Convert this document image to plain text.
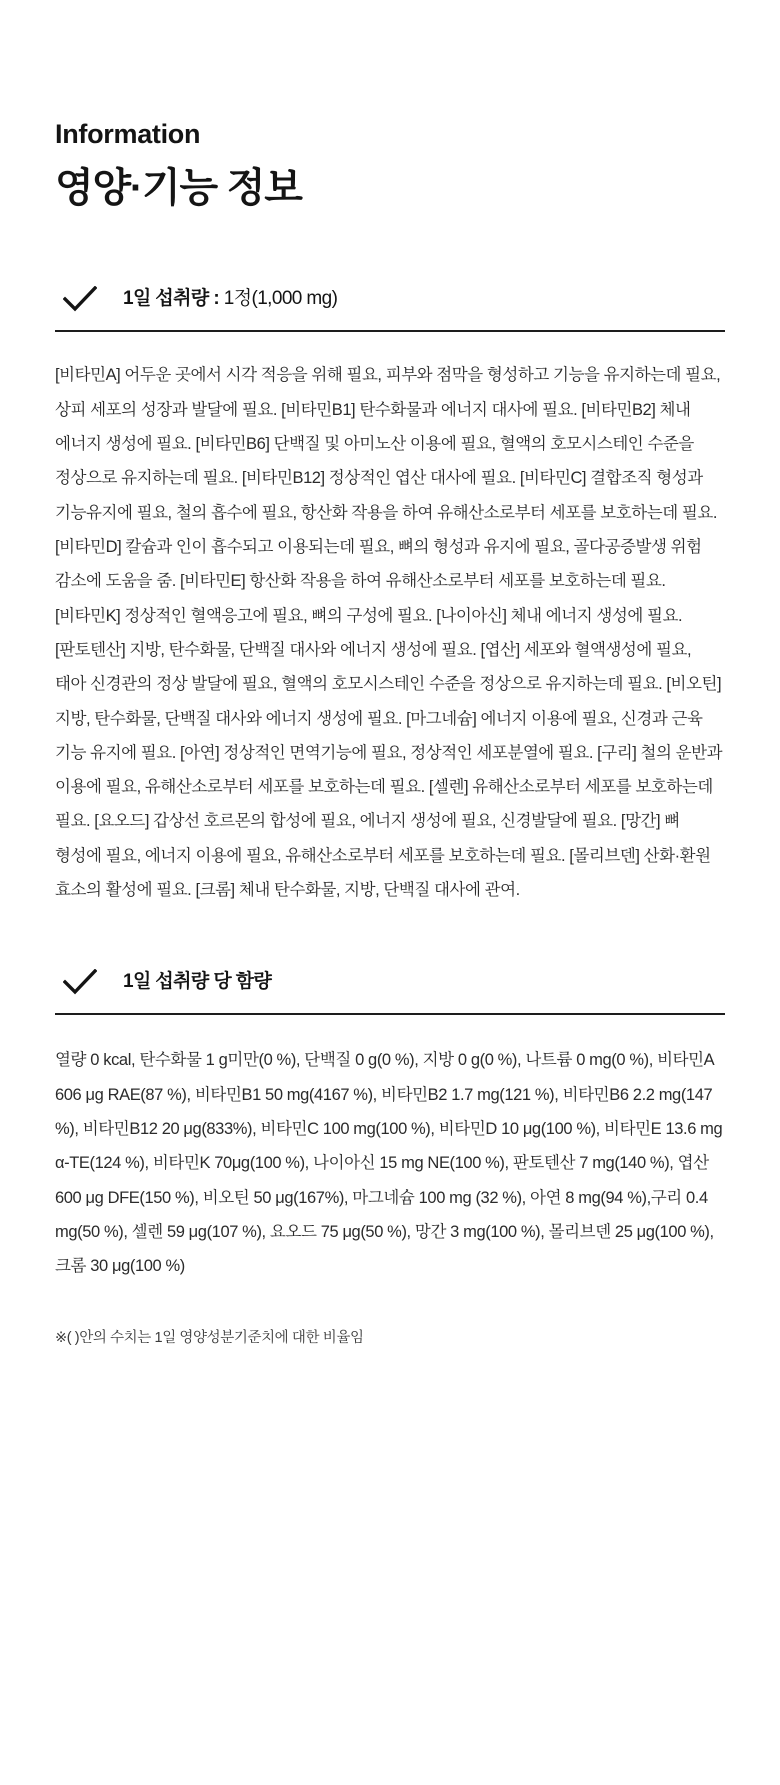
Information
영양·기능 정보
1일 섭취량 : 1정(1,000 mg)

[비타민A] 어두운 곳에서 시각 적응을 위해 필요, 피부와 점막을 형성하고 기능을 유지하는데 필요, 상피 세포의 성장과 발달에 필요. [비타민B1] 탄수화물과 에너지 대사에 필요. [비타민B2] 체내 에너지 생성에 필요. [비타민B6] 단백질 및 아미노산 이용에 필요, 혈액의 호모시스테인 수준을 정상으로 유지하는데 필요. [비타민B12] 정상적인 엽산 대사에 필요. [비타민C] 결합조직 형성과 기능유지에 필요, 철의 흡수에 필요, 항산화 작용을 하여 유해산소로부터 세포를 보호하는데 필요. [비타민D] 칼슘과 인이 흡수되고 이용되는데 필요, 뼈의 형성과 유지에 필요, 골다공증발생 위험 감소에 도움을 줌. [비타민E] 항산화 작용을 하여 유해산소로부터 세포를 보호하는데 필요. [비타민K] 정상적인 혈액응고에 필요, 뼈의 구성에 필요. [나이아신] 체내 에너지 생성에 필요. [판토텐산] 지방, 탄수화물, 단백질 대사와 에너지 생성에 필요. [엽산] 세포와 혈액생성에 필요, 태아 신경관의 정상 발달에 필요, 혈액의 호모시스테인 수준을 정상으로 유지하는데 필요. [비오틴] 지방, 탄수화물, 단백질 대사와 에너지 생성에 필요. [마그네슘] 에너지 이용에 필요, 신경과 근육 기능 유지에 필요. [아연] 정상적인 면역기능에 필요, 정상적인 세포분열에 필요. [구리] 철의 운반과 이용에 필요, 유해산소로부터 세포를 보호하는데 필요. [셀렌] 유해산소로부터 세포를 보호하는데 필요. [요오드] 갑상선 호르몬의 합성에 필요, 에너지 생성에 필요, 신경발달에 필요. [망간] 뼈 형성에 필요, 에너지 이용에 필요, 유해산소로부터 세포를 보호하는데 필요. [몰리브덴] 산화·환원 효소의 활성에 필요. [크롬] 체내 탄수화물, 지방, 단백질 대사에 관여.

1일 섭취량 당 함량

열량 0 kcal, 탄수화물 1 g미만(0 %), 단백질 0 g(0 %), 지방 0 g(0 %), 나트륨 0 mg(0 %), 비타민A 606 μg RAE(87 %), 비타민B1 50 mg(4167 %), 비타민B2 1.7 mg(121 %), 비타민B6 2.2 mg(147 %), 비타민B12 20 μg(833%), 비타민C 100 mg(100 %), 비타민D 10 μg(100 %), 비타민E 13.6 mg α-TE(124 %), 비타민K 70μg(100 %), 나이아신 15 mg NE(100 %), 판토텐산 7 mg(140 %), 엽산 600 μg DFE(150 %), 비오틴 50 μg(167%), 마그네슘 100 mg (32 %), 아연 8 mg(94 %),구리 0.4 mg(50 %), 셀렌 59 μg(107 %), 요오드 75 μg(50 %), 망간 3 mg(100 %), 몰리브덴 25 μg(100 %), 크롬 30 μg(100 %)

※( )안의 수치는 1일 영양성분기준치에 대한 비율임
